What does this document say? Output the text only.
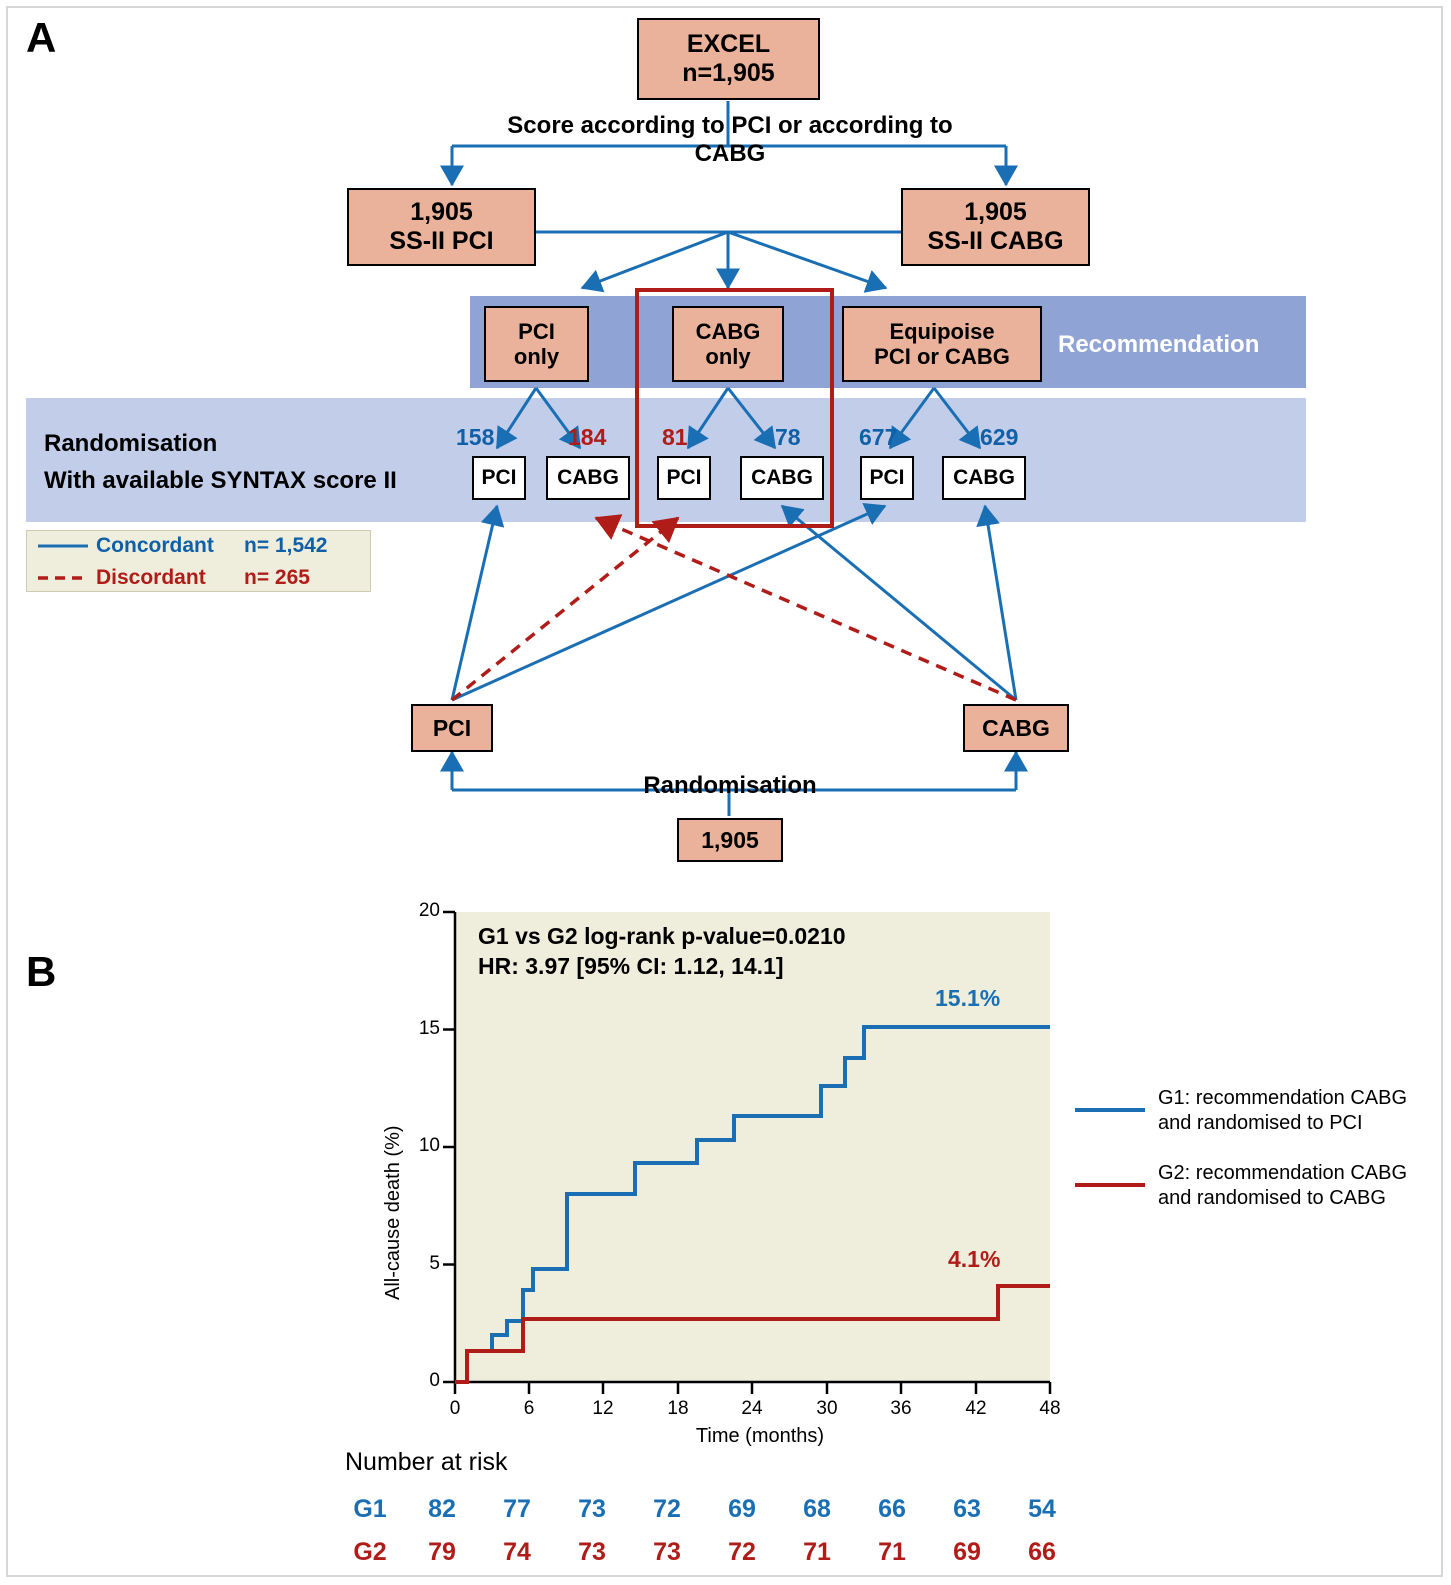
A	EXCEL
n=1,905
Score according to PCI or according to CABG
1,905
SS-II PCI
1,905
SS-II CABG
PCI
only
CABG
only
Equipoise
PCI or CABG Recommendation
Randomisation
With available SYNTAX score II
158	184 81	78	677	629
PCI	CABG	PCI	CABG	PCI	CABG
Concordant n= 1,542
Discordant n= 265
PCI	CABG
Randomisation
1,905
B
20
15
10
5
0
0	6	12	18	24	30	36	42	48
Time (months)
All-cause death (%)
G1 vs G2 log-rank p-value=0.0210
HR: 3.97 [95% CI: 1.12, 14.1]
15.1%
4.1%
G1: recommendation CABG
and randomised to PCI
G2: recommendation CABG
and randomised to CABG
Number at risk
G1	82	77	73	72	69	68	66	63	54
G2	79	74	73	73	72	71	71	69	66
